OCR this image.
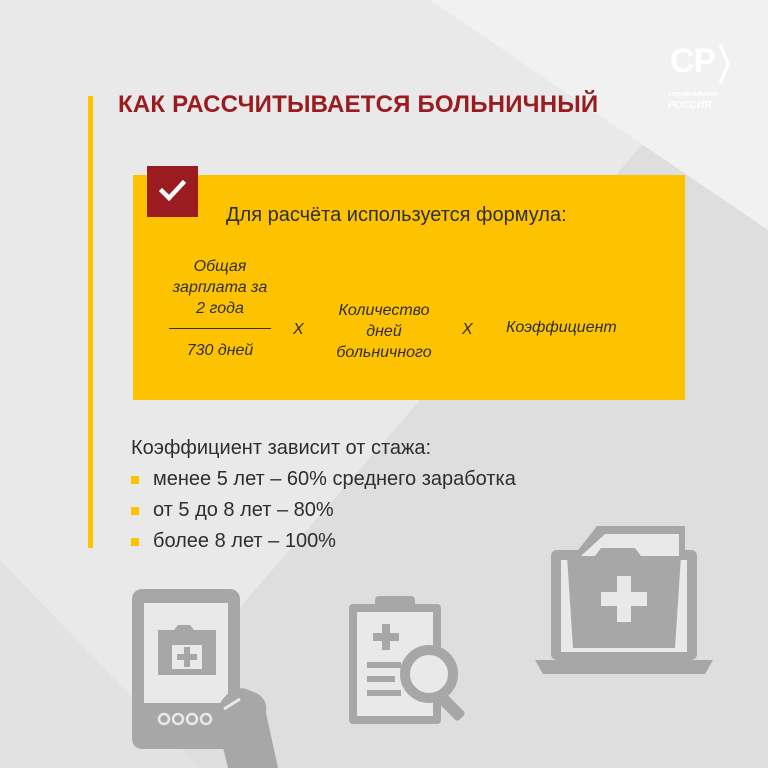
КАК РАССЧИТЫВАЕТСЯ БОЛЬНИЧНЫЙ
СР
справедливая
РОССИЯ
Для расчёта используется формула:
Общая зарплата за 2 года
730 дней
Х
Количество дней больничного
Х Коэффициент
Коэффициент зависит от стажа:
менее 5 лет – 60% среднего заработка
от 5 до 8 лет – 80%
более 8 лет – 100%
